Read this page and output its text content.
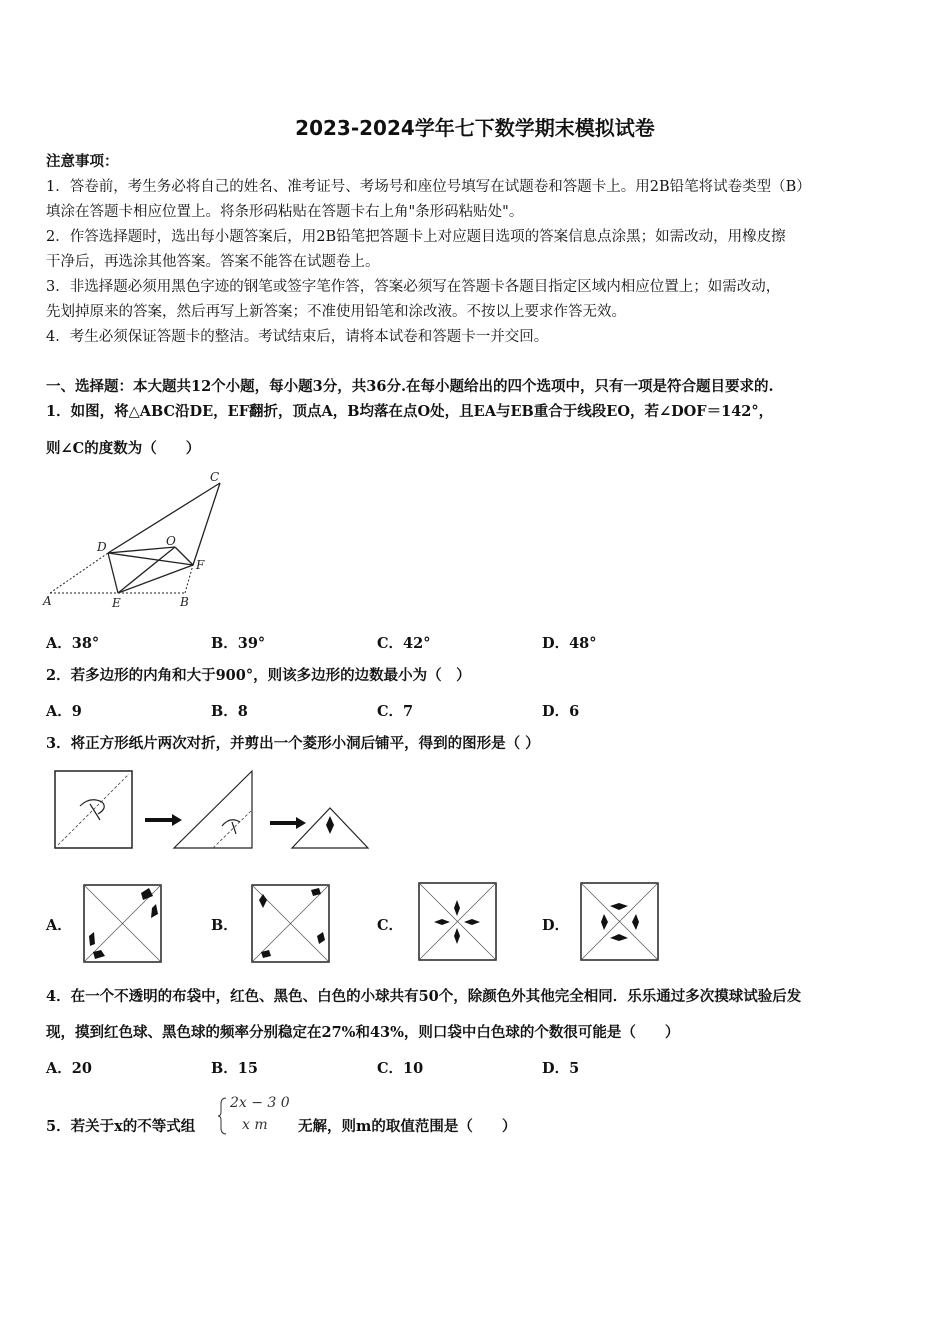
2023-2024学年七下数学期末模拟试卷
注意事项：
1．答卷前，考生务必将自己的姓名、准考证号、考场号和座位号填写在试题卷和答题卡上。用2B铅笔将试卷类型（B）
填涂在答题卡相应位置上。将条形码粘贴在答题卡右上角"条形码粘贴处"。
2．作答选择题时，选出每小题答案后，用2B铅笔把答题卡上对应题目选项的答案信息点涂黑；如需改动，用橡皮擦
干净后，再选涂其他答案。答案不能答在试题卷上。
3．非选择题必须用黑色字迹的钢笔或签字笔作答，答案必须写在答题卡各题目指定区域内相应位置上；如需改动，
先划掉原来的答案，然后再写上新答案；不准使用铅笔和涂改液。不按以上要求作答无效。
4．考生必须保证答题卡的整洁。考试结束后，请将本试卷和答题卡一并交回。
一、选择题：本大题共12个小题，每小题3分，共36分.在每小题给出的四个选项中，只有一项是符合题目要求的.
1．如图，将△ABC沿DE，EF翻折，顶点A，B均落在点O处，且EA与EB重合于线段EO，若∠DOF＝142°，
则∠C的度数为（　　）
A	B
C
D
E
F
O
A．38°	B．39°	C．42°	D．48°
2．若多边形的内角和大于900°，则该多边形的边数最小为（　）
A．9	B．8	C．7	D．6
3．将正方形纸片两次对折，并剪出一个菱形小洞后铺平，得到的图形是（ ）
A．	B．	C．	D．
4．在一个不透明的布袋中，红色、黑色、白色的小球共有50个，除颜色外其他完全相同．乐乐通过多次摸球试验后发
现，摸到红色球、黑色球的频率分别稳定在27%和43%，则口袋中白色球的个数很可能是（　　）
A．20	B．15	C．10	D．5
5．若关于x的不等式组
2x − 3 0
x m 无解，则m的取值范围是（　　）
